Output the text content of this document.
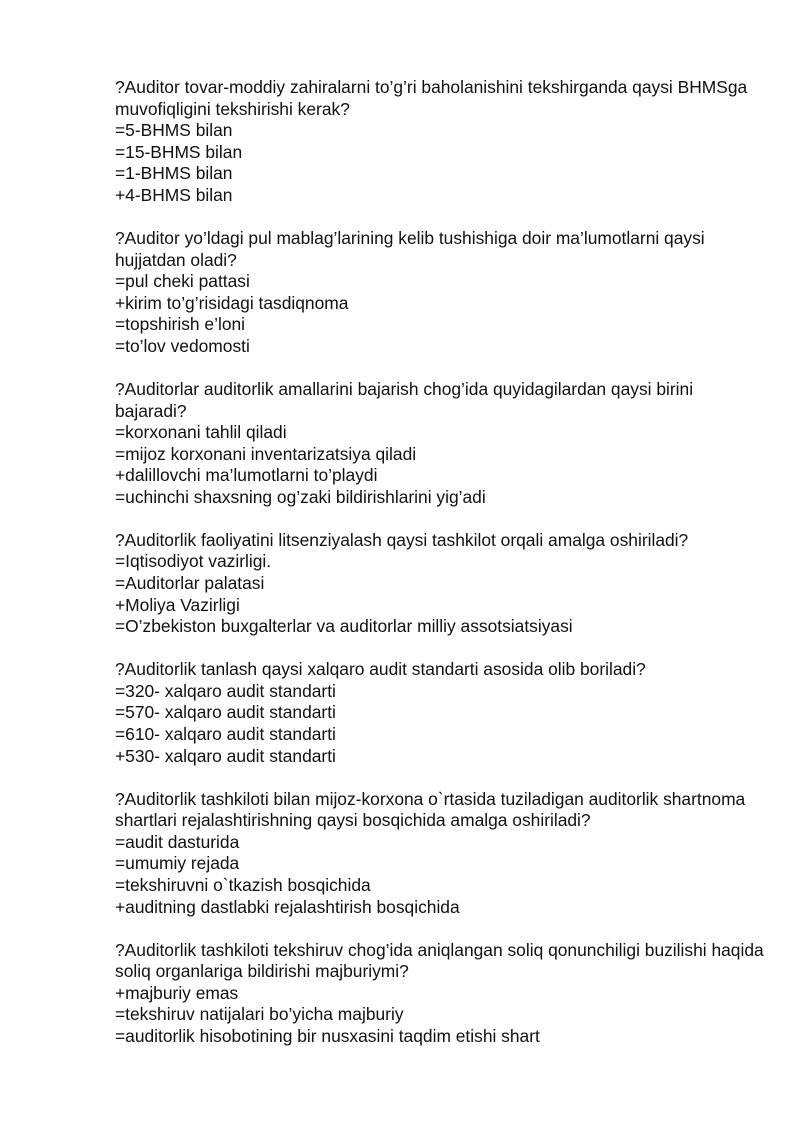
?Auditor tovar-moddiy zahiralarni to’g’ri baholanishini tekshirganda qaysi BHMSga muvofiqligini tekshirishi kerak?
=5-BHMS bilan
=15-BHMS bilan
=1-BHMS bilan
+4-BHMS bilan
?Auditor yo’ldagi pul mablag’larining kelib tushishiga doir ma’lumotlarni qaysi hujjatdan oladi?
=pul cheki pattasi
+kirim to’g’risidagi tasdiqnoma
=topshirish e’loni
=to’lov vedomosti
?Auditorlar auditorlik amallarini bajarish chog’ida quyidagilardan qaysi birini bajaradi?
=korxonani tahlil qiladi
=mijoz korxonani inventarizatsiya qiladi
+dalillovchi ma’lumotlarni to’playdi
=uchinchi shaxsning og’zaki bildirishlarini yig’adi
?Auditorlik faoliyatini litsenziyalash qaysi tashkilot orqali amalga oshiriladi?
=Iqtisodiyot vazirligi.
=Auditorlar palatasi
+Moliya Vazirligi
=O’zbekiston buxgalterlar va auditorlar milliy assotsiatsiyasi
?Auditorlik tanlash qaysi xalqaro audit standarti asosida olib boriladi?
=320- xalqaro audit standarti
=570- xalqaro audit standarti
=610- xalqaro audit standarti
+530- xalqaro audit standarti
?Auditorlik tashkiloti bilan mijoz-korxona o`rtasida tuziladigan auditorlik shartnoma shartlari rejalashtirishning qaysi bosqichida amalga oshiriladi?
=audit dasturida
=umumiy rejada
=tekshiruvni o`tkazish bosqichida
+auditning dastlabki rejalashtirish bosqichida
?Auditorlik tashkiloti tekshiruv chog’ida aniqlangan soliq qonunchiligi buzilishi haqida soliq organlariga bildirishi majburiymi?
+majburiy emas
=tekshiruv natijalari bo’yicha majburiy
=auditorlik hisobotining bir nusxasini taqdim etishi shart
